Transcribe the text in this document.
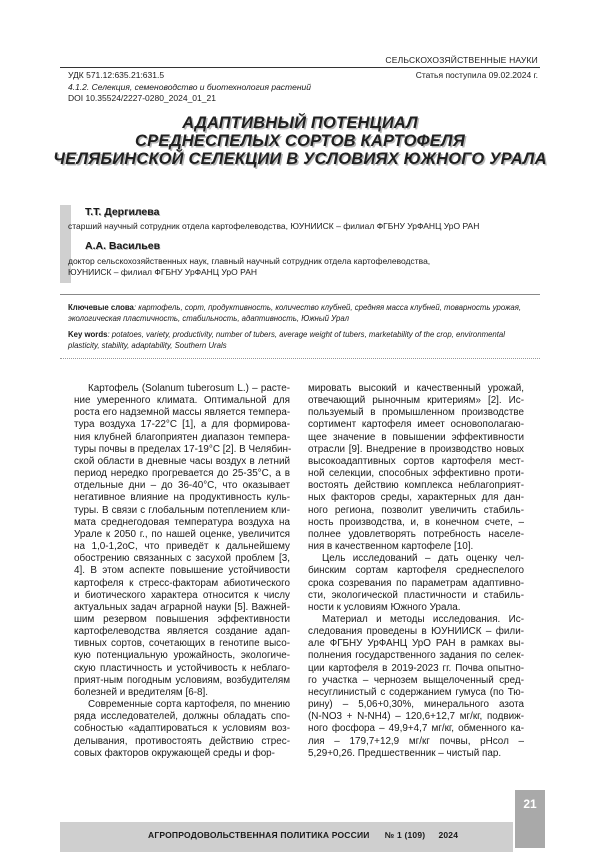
СЕЛЬСКОХОЗЯЙСТВЕННЫЕ НАУКИ
УДК 571.12:635.21:631.5
4.1.2. Селекция, семеноводство и биотехнология растений
DOI 10.35524/2227-0280_2024_01_21
Статья поступила 09.02.2024 г.
АДАПТИВНЫЙ ПОТЕНЦИАЛ
СРЕДНЕСПЕЛЫХ СОРТОВ КАРТОФЕЛЯ
ЧЕЛЯБИНСКОЙ СЕЛЕКЦИИ В УСЛОВИЯХ ЮЖНОГО УРАЛА
Т.Т. Дергилева
старший научный сотрудник отдела картофелеводства, ЮУНИИСК – филиал ФГБНУ УрФАНЦ УрО РАН
А.А. Васильев
доктор сельскохозяйственных наук, главный научный сотрудник отдела картофелеводства,
ЮУНИИСК – филиал ФГБНУ УрФАНЦ УрО РАН
Ключевые слова: картофель, сорт, продуктивность, количество клубней, средняя масса клубней, товарность урожая, экологическая пластичность, стабильность, адаптивность, Южный Урал
Key words: potatoes, variety, productivity, number of tubers, average weight of tubers, marketability of the crop, environmental plasticity, stability, adaptability, Southern Urals
Картофель (Solanum tuberosum L.) – расте-
ние умеренного климата. Оптимальной для
роста его надземной массы является темпера-
тура воздуха 17-22°С [1], а для формирова-
ния клубней благоприятен диапазон темпера-
туры почвы в пределах 17-19°С [2]. В Челябин-
ской области в дневные часы воздух в летний
период нередко прогревается до 25-35°С, а в
отдельные дни – до 36-40°С, что оказывает
негативное влияние на продуктивность куль-
туры. В связи с глобальным потеплением кли-
мата среднегодовая температура воздуха на
Урале к 2050 г., по нашей оценке, увеличится
на 1,0-1,2оС, что приведёт к дальнейшему
обострению связанных с засухой проблем [3,
4]. В этом аспекте повышение устойчивости
картофеля к стресс-факторам абиотического
и биотического характера относится к числу
актуальных задач аграрной науки [5]. Важней-
шим резервом повышения эффективности
картофелеводства является создание адап-
тивных сортов, сочетающих в генотипе высо-
кую потенциальную урожайность, экологиче-
скую пластичность и устойчивость к неблаго-
прият-ным погодным условиям, возбудителям
болезней и вредителям [6-8].
Современные сорта картофеля, по мнению
ряда исследователей, должны обладать спо-
собностью «адаптироваться к условиям воз-
делывания, противостоять действию стрес-
совых факторов окружающей среды и фор-
мировать высокий и качественный урожай,
отвечающий рыночным критериям» [2]. Ис-
пользуемый в промышленном производстве
сортимент картофеля имеет основополагаю-
щее значение в повышении эффективности
отрасли [9]. Внедрение в производство новых
высокоадаптивных сортов картофеля мест-
ной селекции, способных эффективно проти-
востоять действию комплекса неблагоприят-
ных факторов среды, характерных для дан-
ного региона, позволит увеличить стабиль-
ность производства, и, в конечном счете, –
полнее удовлетворять потребность населе-
ния в качественном картофеле [10].
Цель исследований – дать оценку чел-
бинским сортам картофеля среднеспелого
срока созревания по параметрам адаптивно-
сти, экологической пластичности и стабиль-
ности к условиям Южного Урала.
Материал и методы исследования. Ис-
следования проведены в ЮУНИИСК – фили-
але ФГБНУ УрФАНЦ УрО РАН в рамках вы-
полнения государственного задания по селек-
ции картофеля в 2019-2023 гг. Почва опытно-
го участка – чернозем выщелоченный сред-
несуглинистый с содержанием гумуса (по Тю-
рину) – 5,06+0,30%, минерального азота
(N-NO3 + N-NH4) – 120,6+12,7 мг/кг, подвиж-
ного фосфора – 49,9+4,7 мг/кг, обменного ка-
лия – 179,7+12,9 мг/кг почвы, pHсол –
5,29+0,26. Предшественник – чистый пар.
АГРОПРОДОВОЛЬСТВЕННАЯ ПОЛИТИКА РОССИИ № 1 (109) 2024
21
